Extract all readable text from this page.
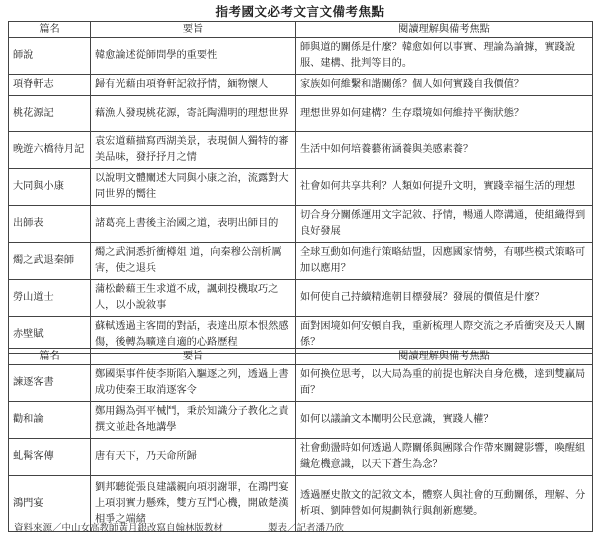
指考國文必考文言文備考焦點
篇名	要旨	閱讀理解與備考焦點
師說	韓愈論述從師問學的重要性	師與道的關係是什麼？韓愈如何以事實、理論為論據，實踐說服、建構、批判等目的。
項脊軒志	歸有光藉由項脊軒記敘抒情，緬物懷人	家族如何維繫和諧關係？個人如何實踐自我價值？
桃花源記	藉漁人發現桃花源，寄託陶淵明的理想世界	理想世界如何建構？生存環境如何維持平衡狀態？
晚遊六橋待月記	袁宏道藉描寫西湖美景，表現個人獨特的審美品味，發抒抒月之情	生活中如何培養藝術涵養與美感素養？
大同與小康	以說明文體闡述大同與小康之治，流露對大同世界的嚮往	社會如何共享共利？人類如何提升文明，實踐幸福生活的理想
出師表	諸葛亮上書後主治國之道，表明出師目的	切合身分關係運用文字記敘、抒情，暢通人際溝通，使組織得到良好發展
燭之武退秦師	燭之武洞悉折衝樽俎 道，向秦穆公剖析厲害，使之退兵	全球互動如何進行策略結盟，因應國家情勢，有哪些模式策略可加以應用？
勞山道士	蒲松齡藉王生求道不成，諷刺投機取巧之人，以小說敘事	如何使自己持續精進朝目標發展？發展的價值是什麼？
赤壁賦	蘇軾透過主客間的對話，表達出原本恨然感傷，後轉為曠達自適的心路歷程	面對困境如何安頓自我，重新梳理人際交流之矛盾衝突及天人關係？
篇名	要旨	閱讀理解與備考焦點
諫逐客書	鄭國渠事件使李斯陷入驅逐之列，透過上書成功使秦王取消逐客令	如何換位思考，以大局為重的前提也解決自身危機，達到雙贏局面？
勸和論	鄭用錫為弭平械鬥，秉於知識分子教化之責撰文並赴各地講學	如何以議論文本闡明公民意識，實踐人權？
虬髯客傳	唐有天下，乃天命所歸	社會動盪時如何透過人際關係與團隊合作帶來關鍵影響，喚醒組織危機意識，以天下蒼生為念？
鴻門宴	劉邦聽從張良建議親向項羽謝罪，在鴻門宴上項羽實力懸殊，雙方互鬥心機，開啟楚漢相爭之端緒	透過歷史散文的記敘文本，體察人與社會的互動關係，理解、分析項、劉陣營如何規劃執行與創新應變。
資料來源／中山女高教師黃月銀改寫自翰林版教材	製表／記者潘乃欣
